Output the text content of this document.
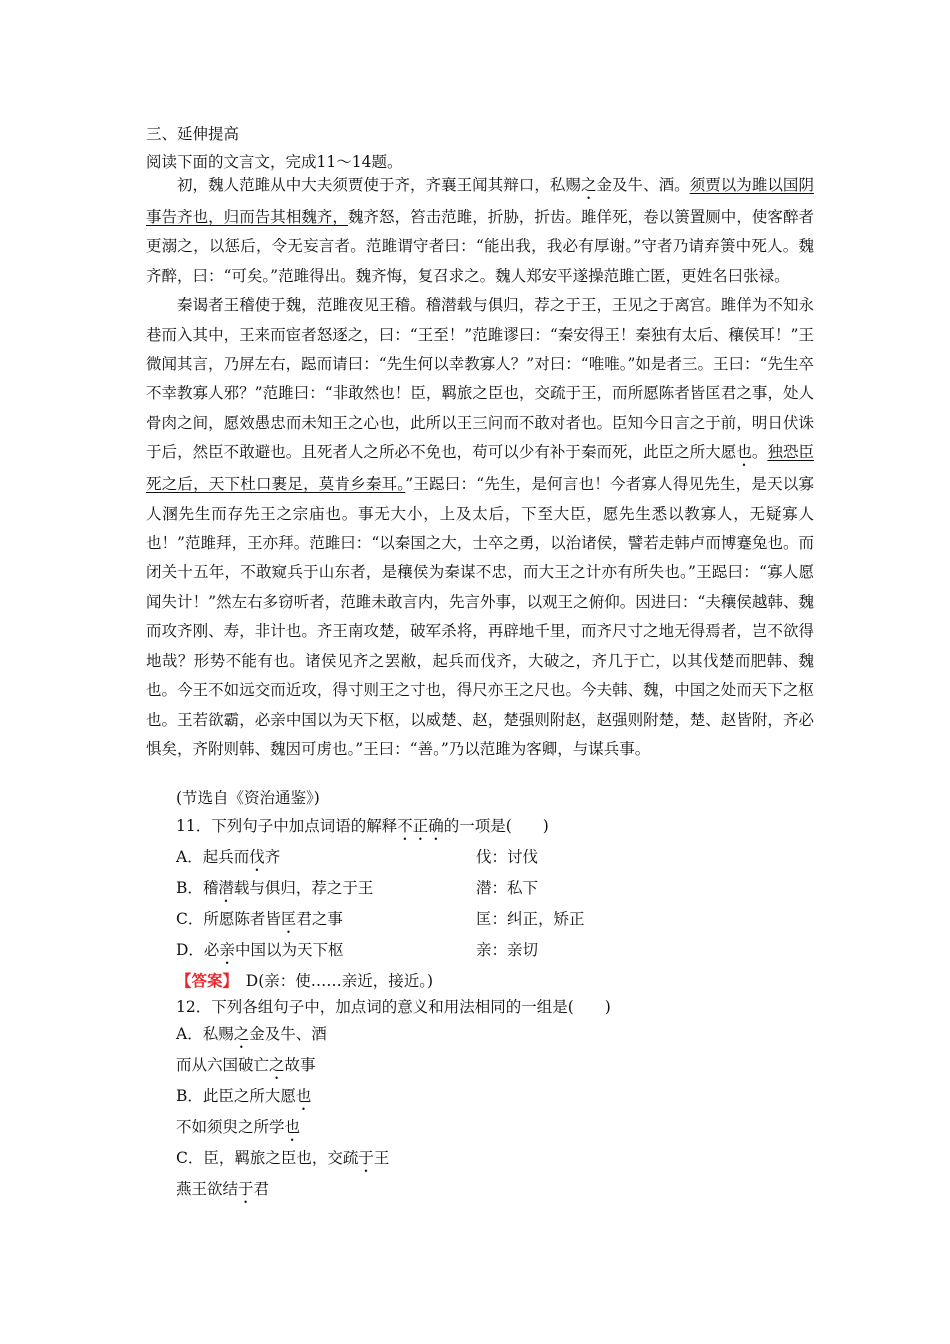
三、延伸提高
阅读下面的文言文，完成11～14题。

初，魏人范雎从中大夫须贾使于齐，齐襄王闻其辩口，私赐之金及牛、酒。须贾以为雎以国阴事告齐也，归而告其相魏齐，魏齐怒，笞击范雎，折胁，折齿。雎佯死，卷以箦置厕中，使客醉者更溺之，以惩后，令无妄言者。范雎谓守者曰：“能出我，我必有厚谢。”守者乃请弃箦中死人。魏齐醉，曰：“可矣。”范雎得出。魏齐悔，复召求之。魏人郑安平遂操范雎亡匿，更姓名曰张禄。

秦谒者王稽使于魏，范雎夜见王稽。稽潜载与俱归，荐之于王，王见之于离宫。雎佯为不知永巷而入其中，王来而宦者怒逐之，曰：“王至！”范雎谬曰：“秦安得王！秦独有太后、穰侯耳！”王微闻其言，乃屏左右，跽而请曰：“先生何以幸教寡人？”对曰：“唯唯。”如是者三。王曰：“先生卒不幸教寡人邪？”范雎曰：“非敢然也！臣，羁旅之臣也，交疏于王，而所愿陈者皆匡君之事，处人骨肉之间，愿效愚忠而未知王之心也，此所以王三问而不敢对者也。臣知今日言之于前，明日伏诛于后，然臣不敢避也。且死者人之所必不免也，苟可以少有补于秦而死，此臣之所大愿也。独恐臣死之后，天下杜口裹足，莫肯乡秦耳。”王跽曰：“先生，是何言也！今者寡人得见先生，是天以寡人溷先生而存先王之宗庙也。事无大小，上及太后，下至大臣，愿先生悉以教寡人，无疑寡人也！”范雎拜，王亦拜。范雎曰：“以秦国之大，士卒之勇，以治诸侯，譬若走韩卢而博蹇兔也。而闭关十五年，不敢窥兵于山东者，是穰侯为秦谋不忠，而大王之计亦有所失也。”王跽曰：“寡人愿闻失计！”然左右多窃听者，范雎未敢言内，先言外事，以观王之俯仰。因进曰：“夫穰侯越韩、魏而攻齐刚、寿，非计也。齐王南攻楚，破军杀将，再辟地千里，而齐尺寸之地无得焉者，岂不欲得地哉？形势不能有也。诸侯见齐之罢敝，起兵而伐齐，大破之，齐几于亡，以其伐楚而肥韩、魏也。今王不如远交而近攻，得寸则王之寸也，得尺亦王之尺也。今夫韩、魏，中国之处而天下之枢也。王若欲霸，必亲中国以为天下枢，以威楚、赵，楚强则附赵，赵强则附楚，楚、赵皆附，齐必惧矣，齐附则韩、魏因可虏也。”王曰：“善。”乃以范雎为客卿，与谋兵事。

(节选自《资治通鉴》)
11．下列句子中加点词语的解释不正确的一项是(　　)
A．起兵而伐齐	伐：讨伐
B．稽潜载与俱归，荐之于王	潜：私下
C．所愿陈者皆匡君之事	匡：纠正，矫正
D．必亲中国以为天下枢	亲：亲切
【答案】　D(亲：使……亲近，接近。)
12．下列各组句子中，加点词的意义和用法相同的一组是(　　)
A．私赐之金及牛、酒
而从六国破亡之故事
B．此臣之所大愿也
不如须臾之所学也
C．臣，羁旅之臣也，交疏于王
燕王欲结于君
